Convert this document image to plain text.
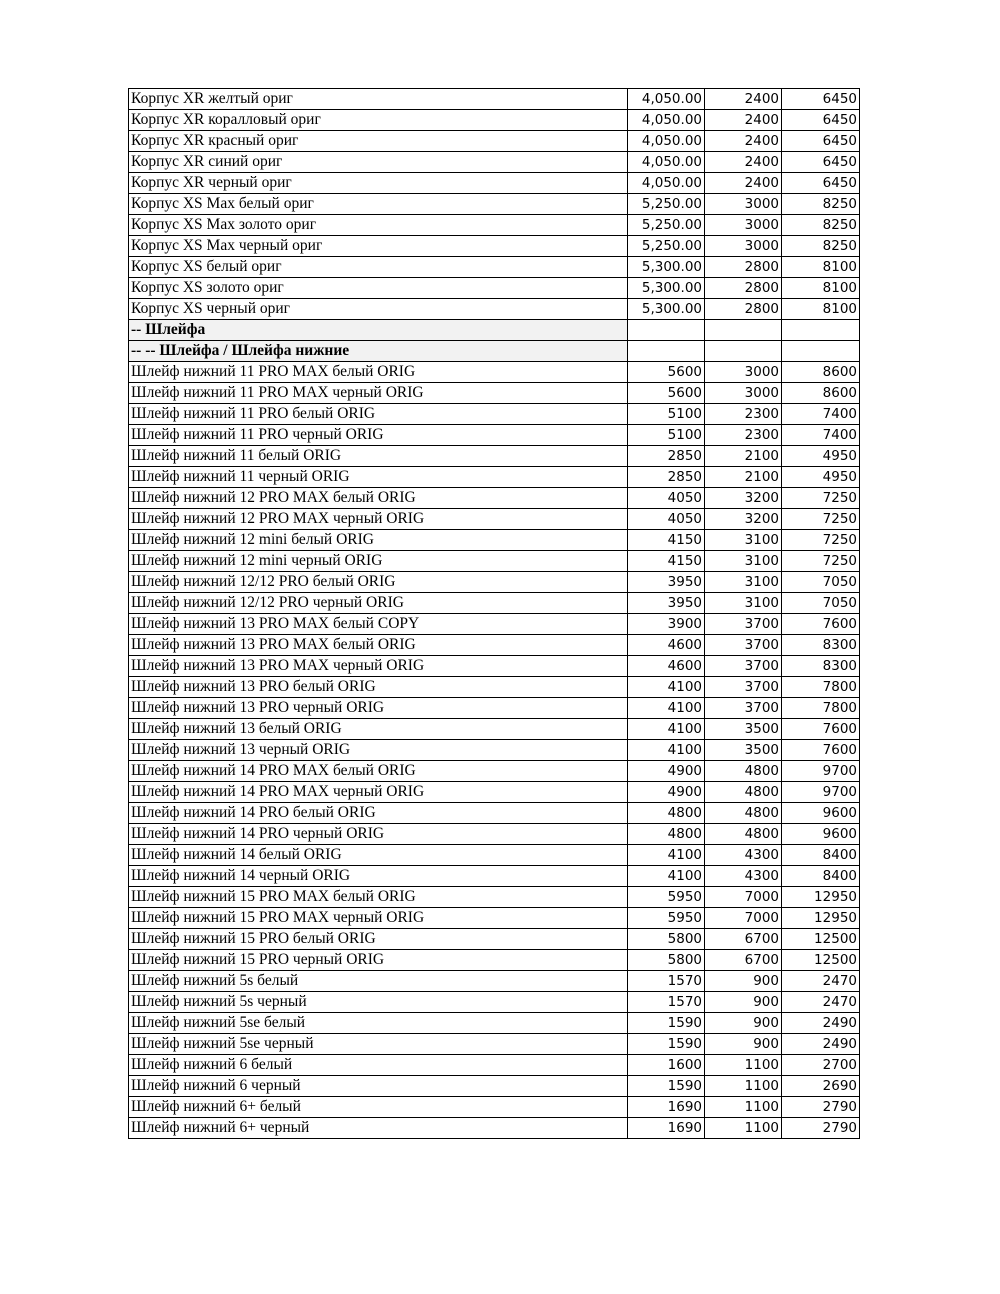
Корпус XR желтый ориг	4,050.00	2400	6450
Корпус XR коралловый ориг	4,050.00	2400	6450
Корпус XR красный ориг	4,050.00	2400	6450
Корпус XR синий ориг	4,050.00	2400	6450
Корпус XR черный ориг	4,050.00	2400	6450
Корпус XS Max белый ориг	5,250.00	3000	8250
Корпус XS Max золото ориг	5,250.00	3000	8250
Корпус XS Max черный ориг	5,250.00	3000	8250
Корпус XS белый ориг	5,300.00	2800	8100
Корпус XS золото ориг	5,300.00	2800	8100
Корпус XS черный ориг	5,300.00	2800	8100
-- Шлейфа			
-- -- Шлейфа / Шлейфа нижние			
Шлейф нижний 11 PRO MAX белый ORIG	5600	3000	8600
Шлейф нижний 11 PRO MAX черный ORIG	5600	3000	8600
Шлейф нижний 11 PRO белый ORIG	5100	2300	7400
Шлейф нижний 11 PRO черный ORIG	5100	2300	7400
Шлейф нижний 11 белый ORIG	2850	2100	4950
Шлейф нижний 11 черный ORIG	2850	2100	4950
Шлейф нижний 12 PRO MAX белый ORIG	4050	3200	7250
Шлейф нижний 12 PRO MAX черный ORIG	4050	3200	7250
Шлейф нижний 12 mini белый ORIG	4150	3100	7250
Шлейф нижний 12 mini черный ORIG	4150	3100	7250
Шлейф нижний 12/12 PRO белый ORIG	3950	3100	7050
Шлейф нижний 12/12 PRO черный ORIG	3950	3100	7050
Шлейф нижний 13 PRO MAX белый COPY	3900	3700	7600
Шлейф нижний 13 PRO MAX белый ORIG	4600	3700	8300
Шлейф нижний 13 PRO MAX черный ORIG	4600	3700	8300
Шлейф нижний 13 PRO белый ORIG	4100	3700	7800
Шлейф нижний 13 PRO черный ORIG	4100	3700	7800
Шлейф нижний 13 белый ORIG	4100	3500	7600
Шлейф нижний 13 черный ORIG	4100	3500	7600
Шлейф нижний 14 PRO MAX белый ORIG	4900	4800	9700
Шлейф нижний 14 PRO MAX черный ORIG	4900	4800	9700
Шлейф нижний 14 PRO белый ORIG	4800	4800	9600
Шлейф нижний 14 PRO черный ORIG	4800	4800	9600
Шлейф нижний 14 белый ORIG	4100	4300	8400
Шлейф нижний 14 черный ORIG	4100	4300	8400
Шлейф нижний 15 PRO MAX белый ORIG	5950	7000	12950
Шлейф нижний 15 PRO MAX черный ORIG	5950	7000	12950
Шлейф нижний 15 PRO белый ORIG	5800	6700	12500
Шлейф нижний 15 PRO черный ORIG	5800	6700	12500
Шлейф нижний 5s белый	1570	900	2470
Шлейф нижний 5s черный	1570	900	2470
Шлейф нижний 5se белый	1590	900	2490
Шлейф нижний 5se черный	1590	900	2490
Шлейф нижний 6 белый	1600	1100	2700
Шлейф нижний 6 черный	1590	1100	2690
Шлейф нижний 6+ белый	1690	1100	2790
Шлейф нижний 6+ черный	1690	1100	2790
